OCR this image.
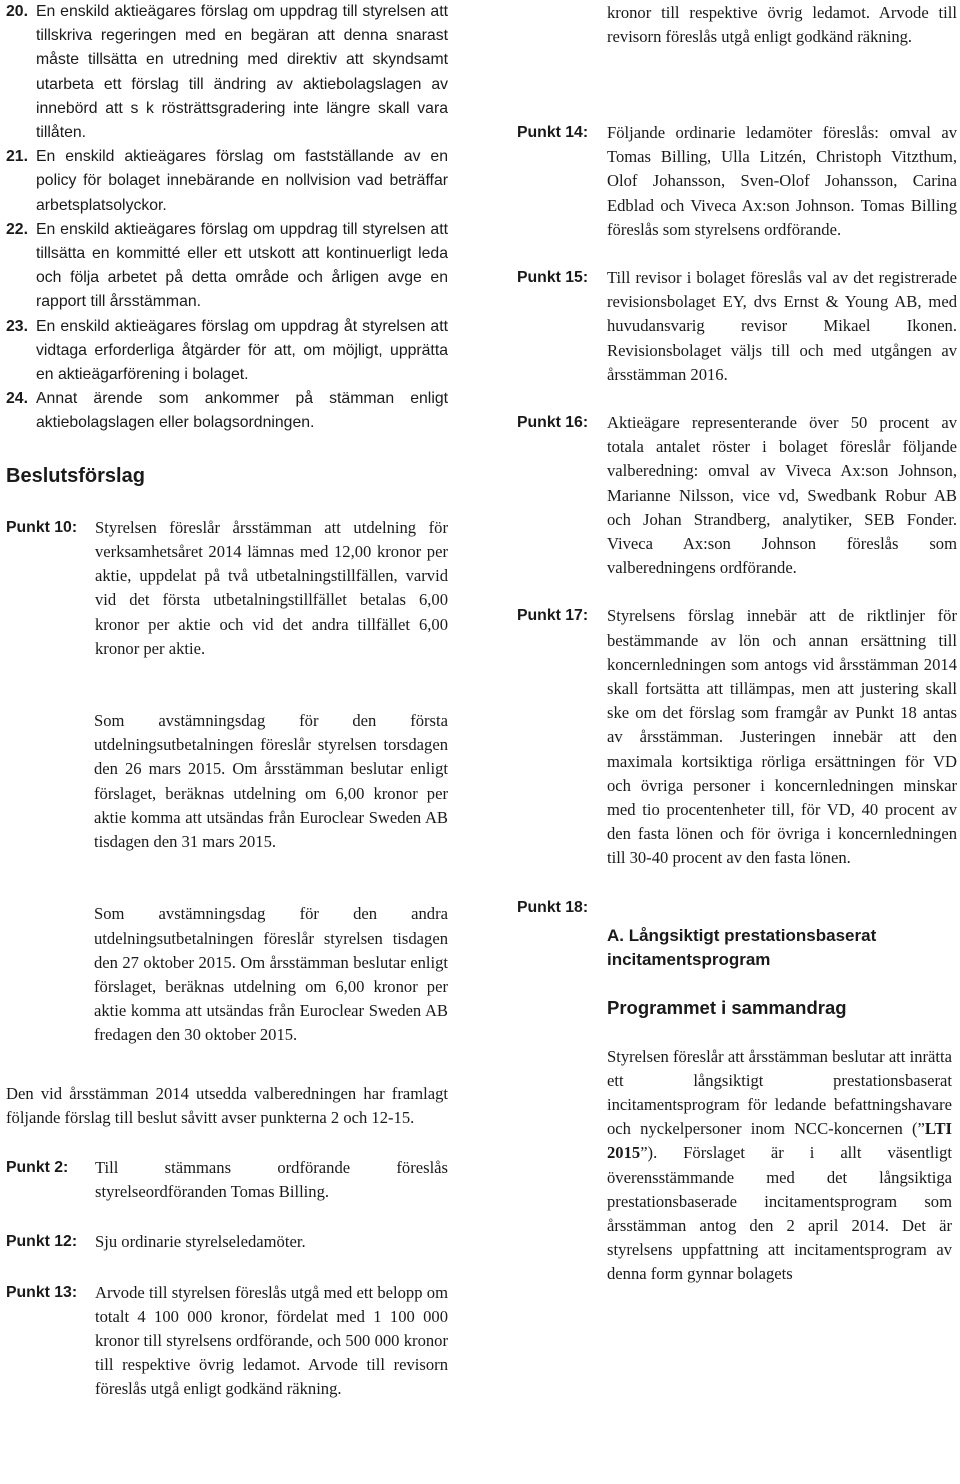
20. En enskild aktieägares förslag om uppdrag till styrelsen att tillskriva regeringen med en begäran att denna snarast måste tillsätta en utredning med direktiv att skyndsamt utarbeta ett förslag till ändring av aktiebolagslagen av innebörd att s k rösträttsgradering inte längre skall vara tillåten.
21. En enskild aktieägares förslag om fastställande av en policy för bolaget innebärande en nollvision vad beträffar arbetsplatsolyckor.
22. En enskild aktieägares förslag om uppdrag till styrelsen att tillsätta en kommitté eller ett utskott att kontinuerligt leda och följa arbetet på detta område och årligen avge en rapport till årsstämman.
23. En enskild aktieägares förslag om uppdrag åt styrelsen att vidtaga erforderliga åtgärder för att, om möjligt, upprätta en aktieägarförening i bolaget.
24. Annat ärende som ankommer på stämman enligt aktiebolagslagen eller bolagsordningen.
Beslutsförslag
Punkt 10:	Styrelsen föreslår årsstämman att utdelning för verksamhetsåret 2014 lämnas med 12,00 kronor per aktie, uppdelat på två utbetalningstillfällen, varvid vid det första utbetalningstillfället betalas 6,00 kronor per aktie och vid det andra tillfället 6,00 kronor per aktie.

Som avstämningsdag för den första utdelningsutbetalningen föreslår styrelsen torsdagen den 26 mars 2015. Om årsstämman beslutar enligt förslaget, beräknas utdelning om 6,00 kronor per aktie komma att utsändas från Euroclear Sweden AB tisdagen den 31 mars 2015.

Som avstämningsdag för den andra utdelningsutbetalningen föreslår styrelsen tisdagen den 27 oktober 2015. Om årsstämman beslutar enligt förslaget, beräknas utdelning om 6,00 kronor per aktie komma att utsändas från Euroclear Sweden AB fredagen den 30 oktober 2015.

Den vid årsstämman 2014 utsedda valberedningen har framlagt följande förslag till beslut såvitt avser punkterna 2 och 12-15.

Punkt 2:	Till stämmans ordförande föreslås styrelseordföranden Tomas Billing.

Punkt 12:	Sju ordinarie styrelseledamöter.

Punkt 13:	Arvode till styrelsen föreslås utgå med ett belopp om totalt 4 100 000 kronor, fördelat med 1 100 000 kronor till styrelsens ordförande, och 500 000 kronor till respektive övrig ledamot. Arvode till revisorn föreslås utgå enligt godkänd räkning.

kronor till respektive övrig ledamot. Arvode till revisorn föreslås utgå enligt godkänd räkning.

Punkt 14:	Följande ordinarie ledamöter föreslås: omval av Tomas Billing, Ulla Litzén, Christoph Vitzthum, Olof Johansson, Sven-Olof Johansson, Carina Edblad och Viveca Ax:son Johnson. Tomas Billing föreslås som styrelsens ordförande.

Punkt 15:	Till revisor i bolaget föreslås val av det registrerade revisionsbolaget EY, dvs Ernst & Young AB, med huvudansvarig revisor Mikael Ikonen. Revisionsbolaget väljs till och med utgången av årsstämman 2016.

Punkt 16:	Aktieägare representerande över 50 procent av totala antalet röster i bolaget föreslår följande valberedning: omval av Viveca Ax:son Johnson, Marianne Nilsson, vice vd, Swedbank Robur AB och Johan Strandberg, analytiker, SEB Fonder. Viveca Ax:son Johnson föreslås som valberedningens ordförande.

Punkt 17:	Styrelsens förslag innebär att de riktlinjer för bestämmande av lön och annan ersättning till koncernledningen som antogs vid årsstämman 2014 skall fortsätta att tillämpas, men att justering skall ske om det förslag som framgår av Punkt 18 antas av årsstämman. Justeringen innebär att den maximala kortsiktiga rörliga ersättningen för VD och övriga personer i koncernledningen minskar med tio procentenheter till, för VD, 40 procent av den fasta lönen och för övriga i koncernledningen till 30-40 procent av den fasta lönen.

Punkt 18:
A. Långsiktigt prestationsbaserat incitamentsprogram
Programmet i sammandrag

Styrelsen föreslår att årsstämman beslutar att inrätta ett långsiktigt prestationsbaserat incitamentsprogram för ledande befattningshavare och nyckelpersoner inom NCC-koncernen (”LTI 2015”). Förslaget är i allt väsentligt överensstämmande med det långsiktiga prestationsbaserade incitamentsprogram som årsstämman antog den 2 april 2014. Det är styrelsens uppfattning att incitamentsprogram av denna form gynnar bolagets
